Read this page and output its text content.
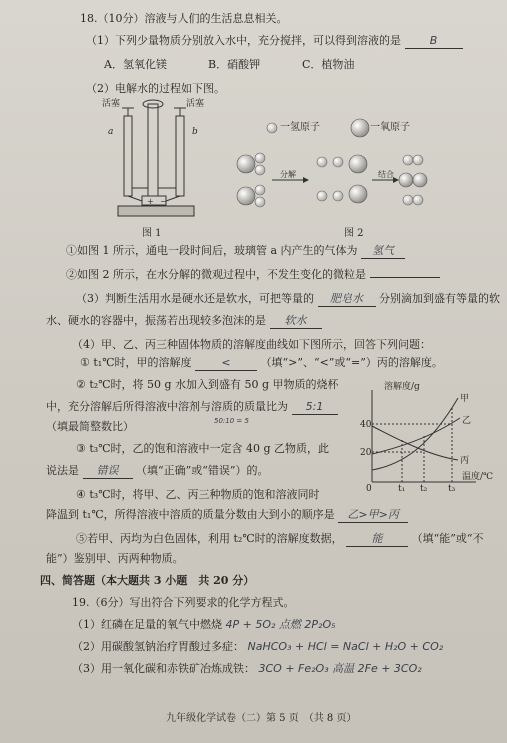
18.（10分）溶液与人们的生活息息相关。
（1）下列少量物质分别放入水中，充分搅拌，可以得到溶液的是	B
A．氢氧化镁	B．硝酸钾	C．植物油
（2）电解水的过程如下图。
+ −
活塞	活塞
a	b
图 1
一氢原子	一氧原子
分解	结合
图 2
①如图 1 所示，通电一段时间后，玻璃管 a 内产生的气体为 氢气
②如图 2 所示，在水分解的微观过程中，不发生变化的微粒是
（3）判断生活用水是硬水还是软水，可把等量的 肥皂水 分别滴加到盛有等量的软
水、硬水的容器中，振荡若出现较多泡沫的是 软水
（4）甲、乙、丙三种固体物质的溶解度曲线如下图所示，回答下列问题：
① t₁℃时，甲的溶解度	<	（填“>”、“<”或“=”）丙的溶解度。
② t₂℃时，将 50 g 水加入到盛有 50 g 甲物质的烧杯
中，充分溶解后所得溶液中溶剂与溶质的质量比为 5:1
50:10 = 5
（填最简整数比）
③ t₃℃时，乙的饱和溶液中一定含 40 g 乙物质，此
说法是 错误 （填“正确”或“错误”）的。
④ t₃℃时，将甲、乙、丙三种物质的饱和溶液同时
降温到 t₁℃，所得溶液中溶质的质量分数由大到小的顺序是 乙>甲>丙
⑤若甲、丙均为白色固体，利用 t₂℃时的溶解度数据，	能	（填“能”或“不
能”）鉴别甲、丙两种物质。
溶解度/g
温度/℃
40
20
0	t₁ t₂ t₃
甲
乙
丙
四、简答题（本大题共 3 小题　共 20 分）
19.（6分）写出符合下列要求的化学方程式。
（1）红磷在足量的氧气中燃烧 4P + 5O₂ 点燃 2P₂O₅
（2）用碳酸氢钠治疗胃酸过多症： NaHCO₃ + HCl = NaCl + H₂O + CO₂
（3）用一氧化碳和赤铁矿冶炼成铁： 3CO + Fe₂O₃ 高温 2Fe + 3CO₂
九年级化学试卷（二）第 5 页　（共 8 页）
